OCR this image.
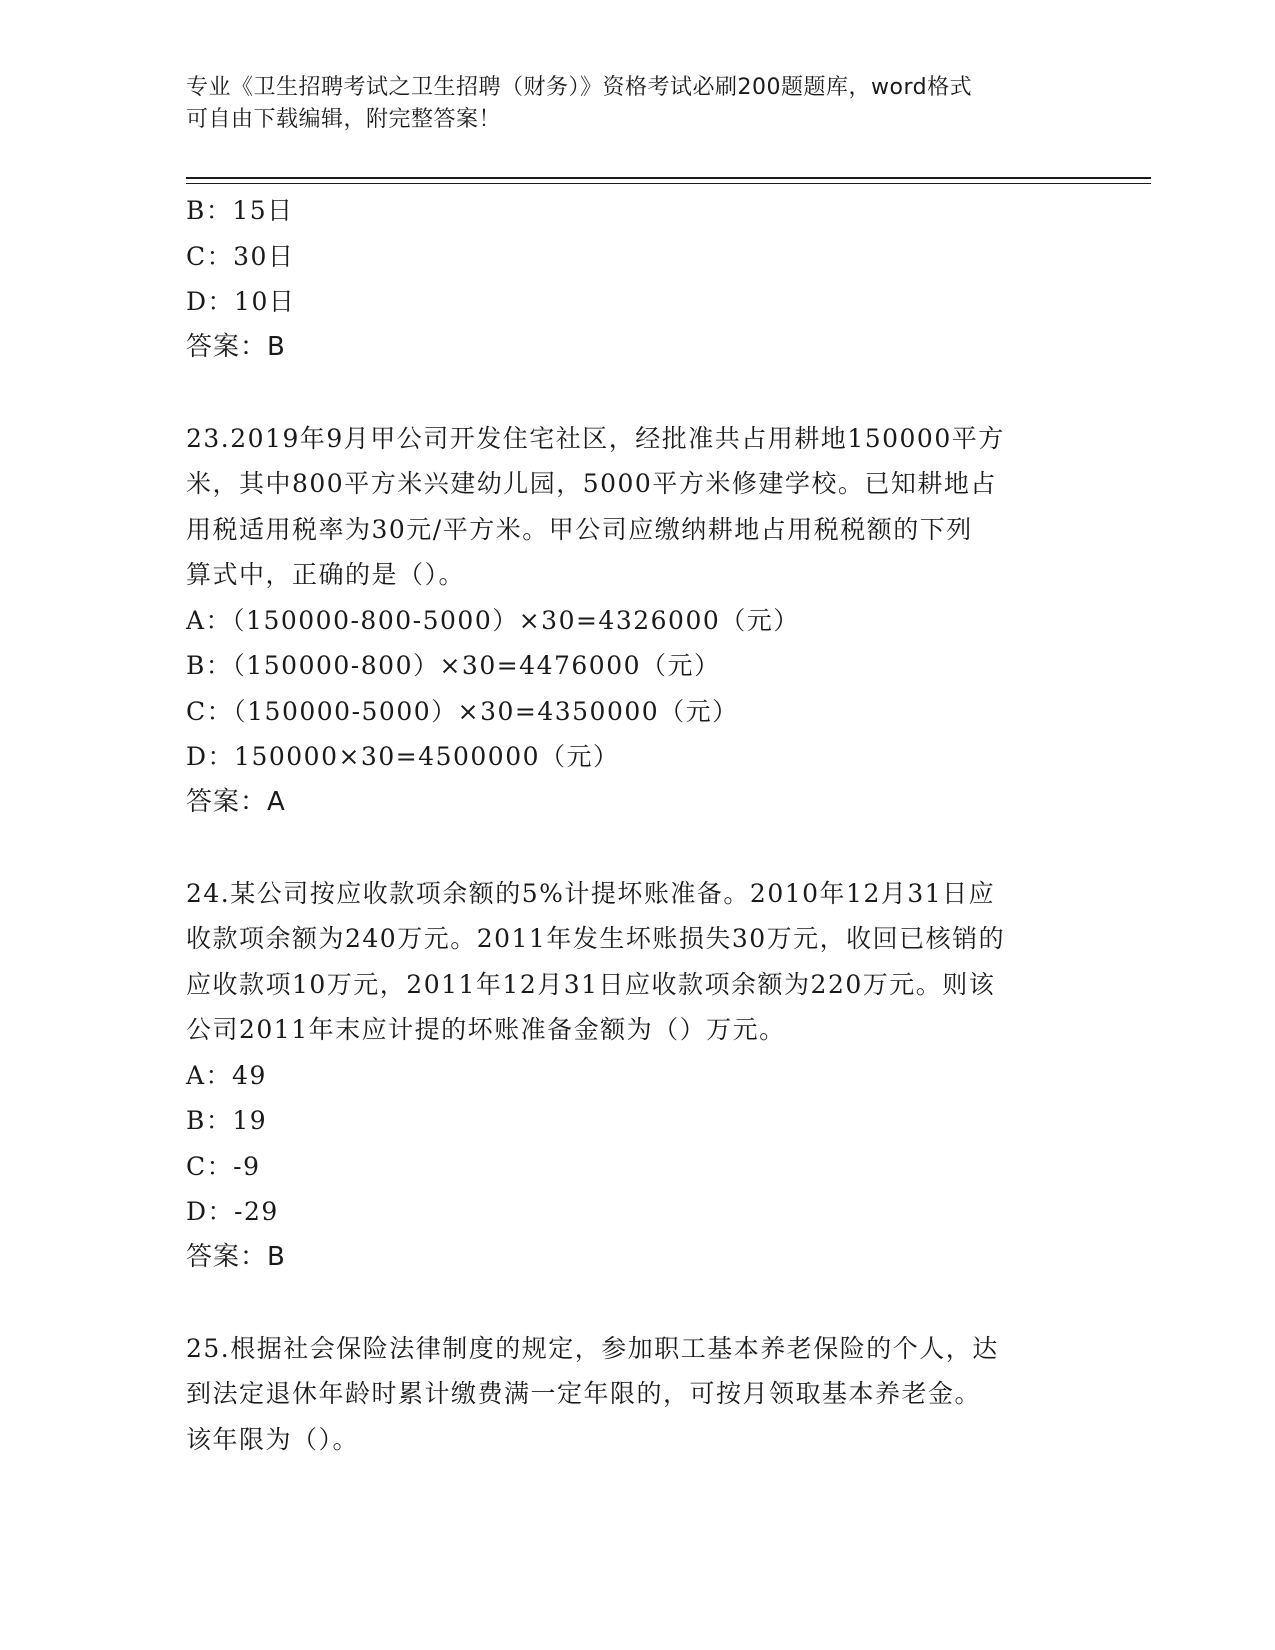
专业《卫生招聘考试之卫生招聘（财务）》资格考试必刷200题题库，word格式
可自由下载编辑，附完整答案！
B：15日
C：30日
D：10日
答案：B
23.2019年9月甲公司开发住宅社区，经批准共占用耕地150000平方
米，其中800平方米兴建幼儿园，5000平方米修建学校。已知耕地占
用税适用税率为30元/平方米。甲公司应缴纳耕地占用税税额的下列
算式中，正确的是（）。
A：（150000-800-5000）×30=4326000（元）
B：（150000-800）×30=4476000（元）
C：（150000-5000）×30=4350000（元）
D：150000×30=4500000（元）
答案：A
24.某公司按应收款项余额的5%计提坏账准备。2010年12月31日应
收款项余额为240万元。2011年发生坏账损失30万元，收回已核销的
应收款项10万元，2011年12月31日应收款项余额为220万元。则该
公司2011年末应计提的坏账准备金额为（）万元。
A：49
B：19
C：-9
D：-29
答案：B
25.根据社会保险法律制度的规定，参加职工基本养老保险的个人，达
到法定退休年龄时累计缴费满一定年限的，可按月领取基本养老金。
该年限为（）。
